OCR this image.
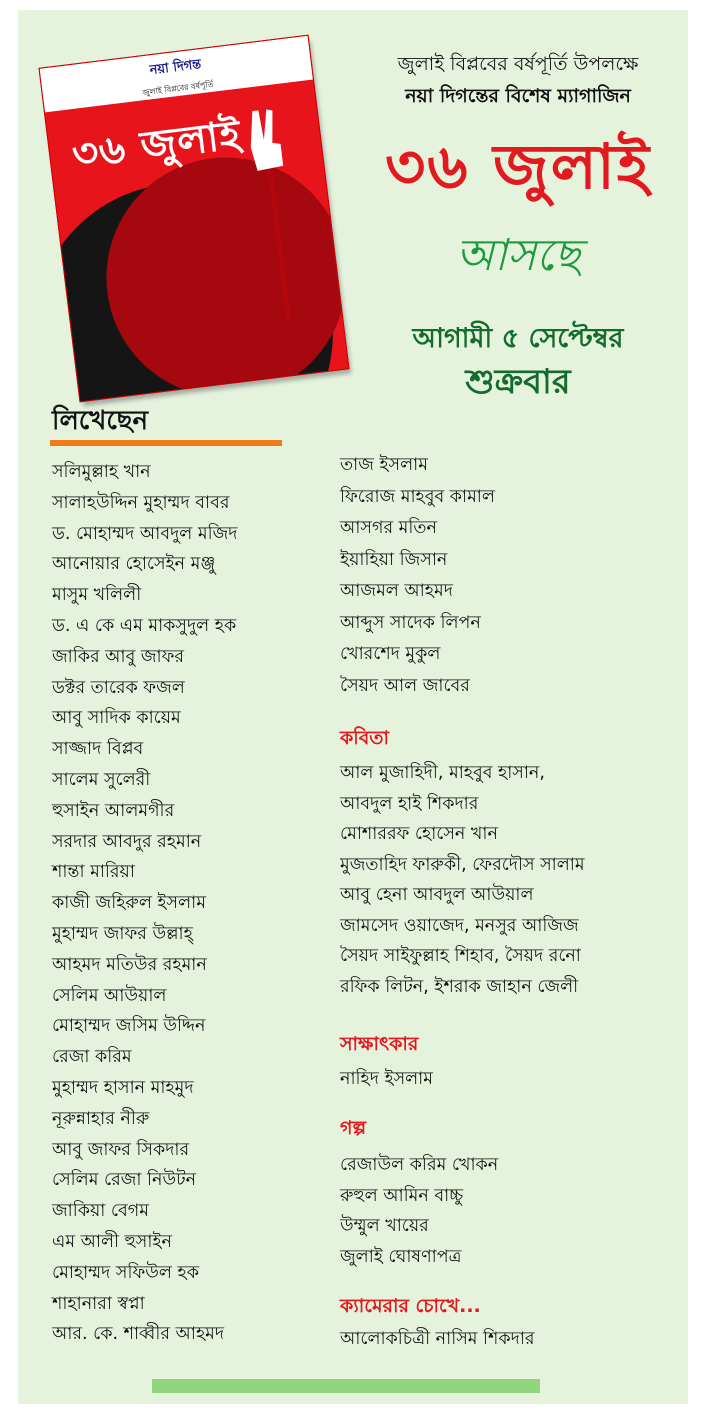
নয়া দিগন্ত
জুলাই বিপ্লবের বর্ষপূর্তি
৩৬ জুলাই
জুলাই বিপ্লবের বর্ষপূর্তি উপলক্ষে
নয়া দিগন্তের বিশেষ ম্যাগাজিন
৩৬ জুলাই
আসছে
আগামী ৫ সেপ্টেম্বর
শুক্রবার
লিখেছেন
সলিমুল্লাহ খান
সালাহউদ্দিন মুহাম্মদ বাবর
ড. মোহাম্মদ আবদুল মজিদ
আনোয়ার হোসেইন মঞ্জু
মাসুম খলিলী
ড. এ কে এম মাকসুদুল হক
জাকির আবু জাফর
ডক্টর তারেক ফজল
আবু সাদিক কায়েম
সাজ্জাদ বিপ্লব
সালেম সুলেরী
হুসাইন আলমগীর
সরদার আবদুর রহমান
শান্তা মারিয়া
কাজী জহিরুল ইসলাম
মুহাম্মদ জাফর উল্লাহ্
আহমদ মতিউর রহমান
সেলিম আউয়াল
মোহাম্মদ জসিম উদ্দিন
রেজা করিম
মুহাম্মদ হাসান মাহমুদ
নূরুন্নাহার নীরু
আবু জাফর সিকদার
সেলিম রেজা নিউটন
জাকিয়া বেগম
এম আলী হুসাইন
মোহাম্মদ সফিউল হক
শাহানারা স্বপ্না
আর. কে. শাব্বীর আহমদ
তাজ ইসলাম
ফিরোজ মাহবুব কামাল
আসগর মতিন
ইয়াহিয়া জিসান
আজমল আহমদ
আব্দুস সাদেক লিপন
খোরশেদ মুকুল
সৈয়দ আল জাবের
কবিতা
আল মুজাহিদী, মাহবুব হাসান,
আবদুল হাই শিকদার
মোশাররফ হোসেন খান
মুজতাহিদ ফারুকী, ফেরদৌস সালাম
আবু হেনা আবদুল আউয়াল
জামসেদ ওয়াজেদ, মনসুর আজিজ
সৈয়দ সাইফুল্লাহ শিহাব, সৈয়দ রনো
রফিক লিটন, ইশরাক জাহান জেলী
সাক্ষাৎকার
নাহিদ ইসলাম
গল্প
রেজাউল করিম খোকন
রুহুল আমিন বাচ্চু
উম্মুল খায়ের
জুলাই ঘোষণাপত্র
ক্যামেরার চোখে...
আলোকচিত্রী নাসিম শিকদার
